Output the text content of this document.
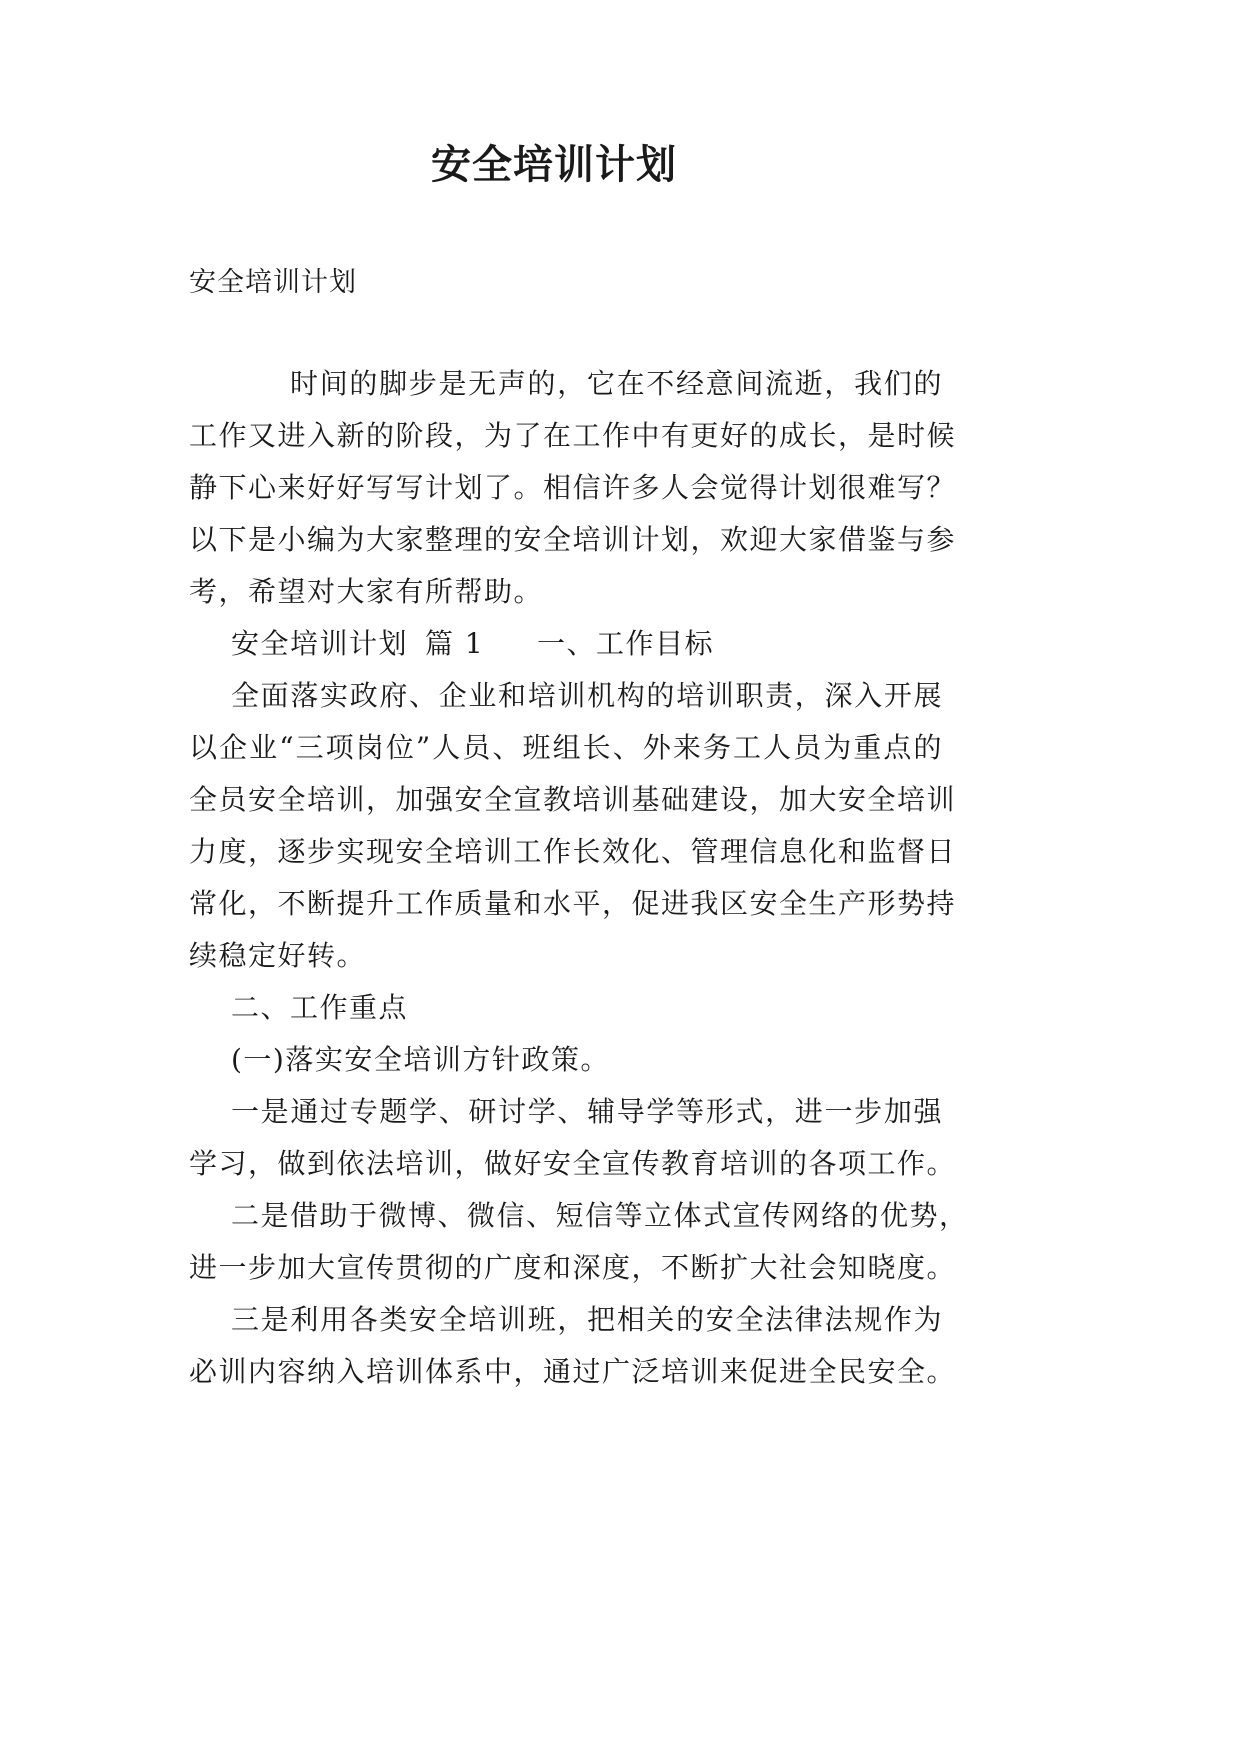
安全培训计划
安全培训计划
时间的脚步是无声的，它在不经意间流逝，我们的
工作又进入新的阶段，为了在工作中有更好的成长，是时候
静下心来好好写写计划了。相信许多人会觉得计划很难写？
以下是小编为大家整理的安全培训计划，欢迎大家借鉴与参
考，希望对大家有所帮助。
安全培训计划 篇 1 一、工作目标
全面落实政府、企业和培训机构的培训职责，深入开展
以企业“三项岗位”人员、班组长、外来务工人员为重点的
全员安全培训，加强安全宣教培训基础建设，加大安全培训
力度，逐步实现安全培训工作长效化、管理信息化和监督日
常化，不断提升工作质量和水平，促进我区安全生产形势持
续稳定好转。
二、工作重点
(一)落实安全培训方针政策。
一是通过专题学、研讨学、辅导学等形式，进一步加强
学习，做到依法培训，做好安全宣传教育培训的各项工作。
二是借助于微博、微信、短信等立体式宣传网络的优势，
进一步加大宣传贯彻的广度和深度，不断扩大社会知晓度。
三是利用各类安全培训班，把相关的安全法律法规作为
必训内容纳入培训体系中，通过广泛培训来促进全民安全。
